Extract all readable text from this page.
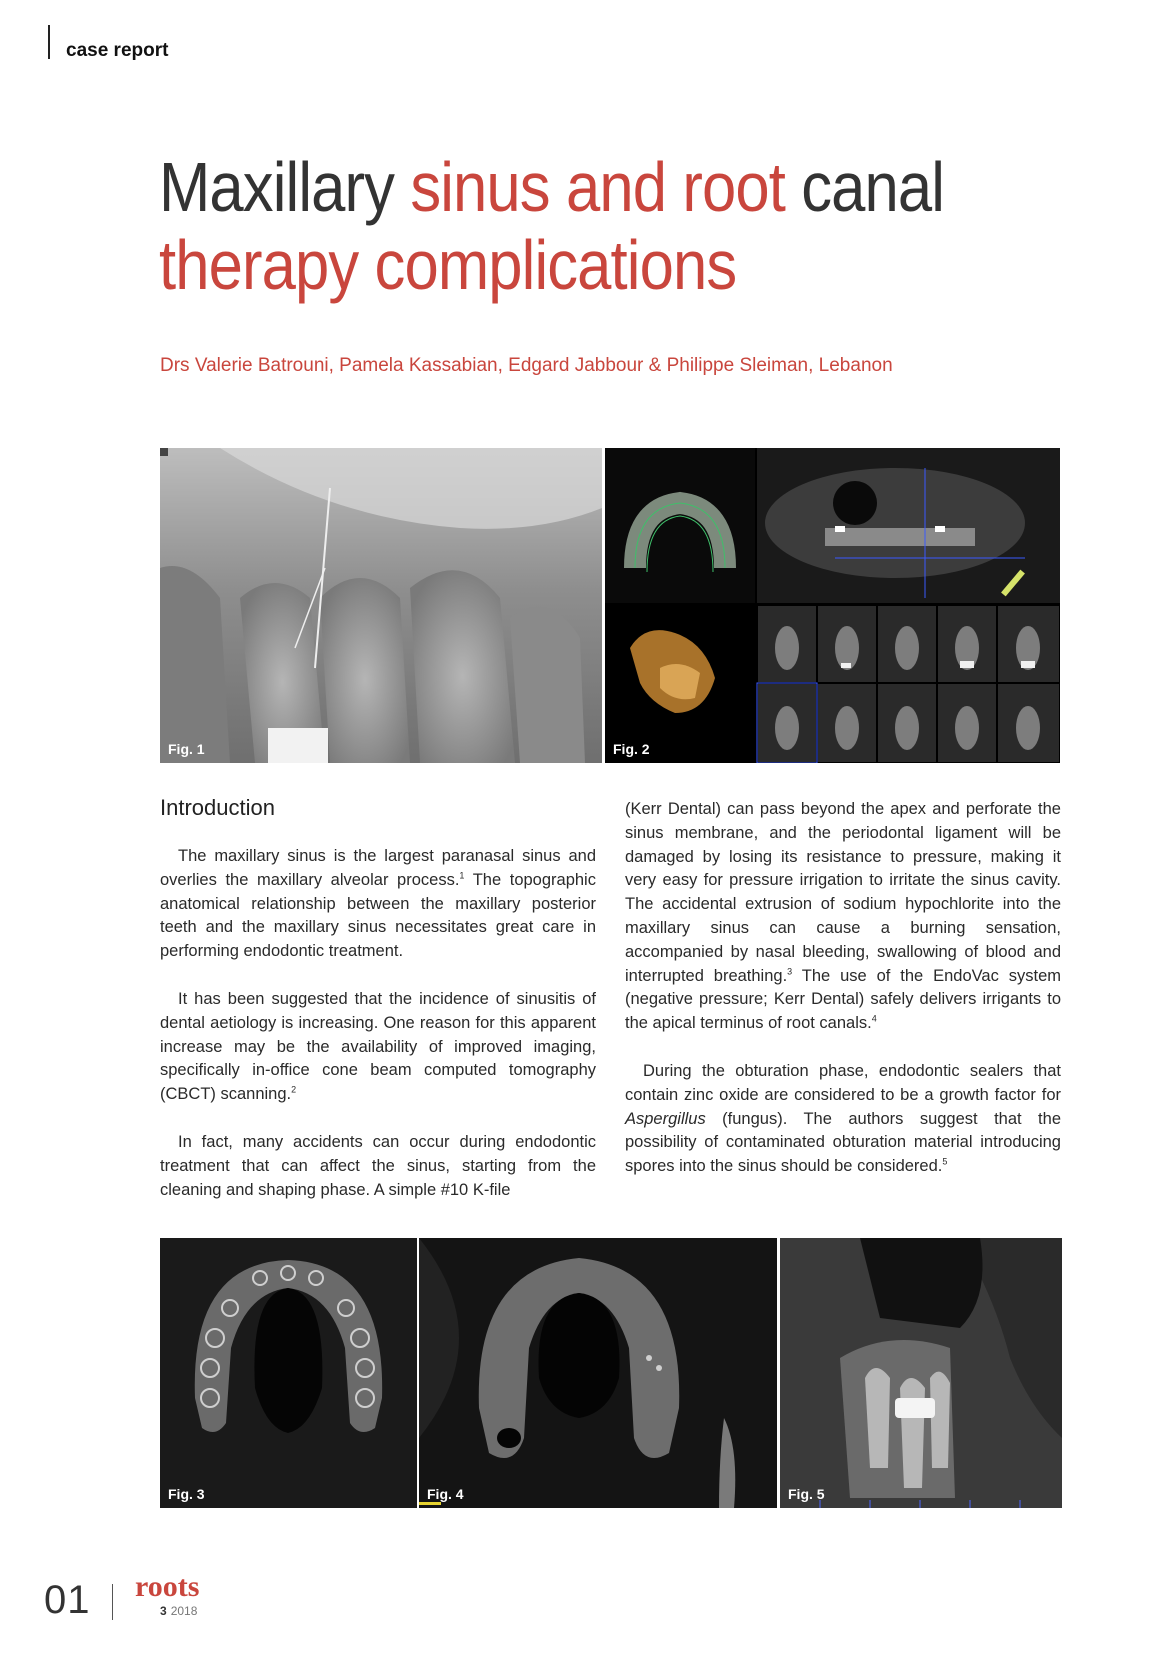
case report
Maxillary sinus and root canal
therapy complications
Drs Valerie Batrouni, Pamela Kassabian, Edgard Jabbour & Philippe Sleiman, Lebanon
Fig. 1	Fig. 2
Introduction

The maxillary sinus is the largest paranasal sinus and overlies the maxillary alveolar process.$^1$ The topographic anatomical relationship between the maxillary posterior teeth and the maxillary sinus necessitates great care in performing endodontic treatment.

It has been suggested that the incidence of sinusitis of dental aetiology is increasing. One reason for this apparent increase may be the availability of improved imaging, specifically in-office cone beam computed tomography (CBCT) scanning.$^2$

In fact, many accidents can occur during endodontic treatment that can affect the sinus, starting from the cleaning and shaping phase. A simple #10 K-file

(Kerr Dental) can pass beyond the apex and perforate the sinus membrane, and the periodontal ligament will be damaged by losing its resistance to pressure, making it very easy for pressure irrigation to irritate the sinus cavity. The accidental extrusion of sodium hypochlorite into the maxillary sinus can cause a burning sensation, accompanied by nasal bleeding, swallowing of blood and interrupted breathing.$^3$ The use of the EndoVac system (negative pressure; Kerr Dental) safely delivers irrigants to the apical terminus of root canals.$^4$

During the obturation phase, endodontic sealers that contain zinc oxide are considered to be a growth factor for Aspergillus (fungus). The authors suggest that the possibility of contaminated obturation material introducing spores into the sinus should be considered.$^5$

Fig. 3	Fig. 4	Fig. 5
01 roots
3 2018
